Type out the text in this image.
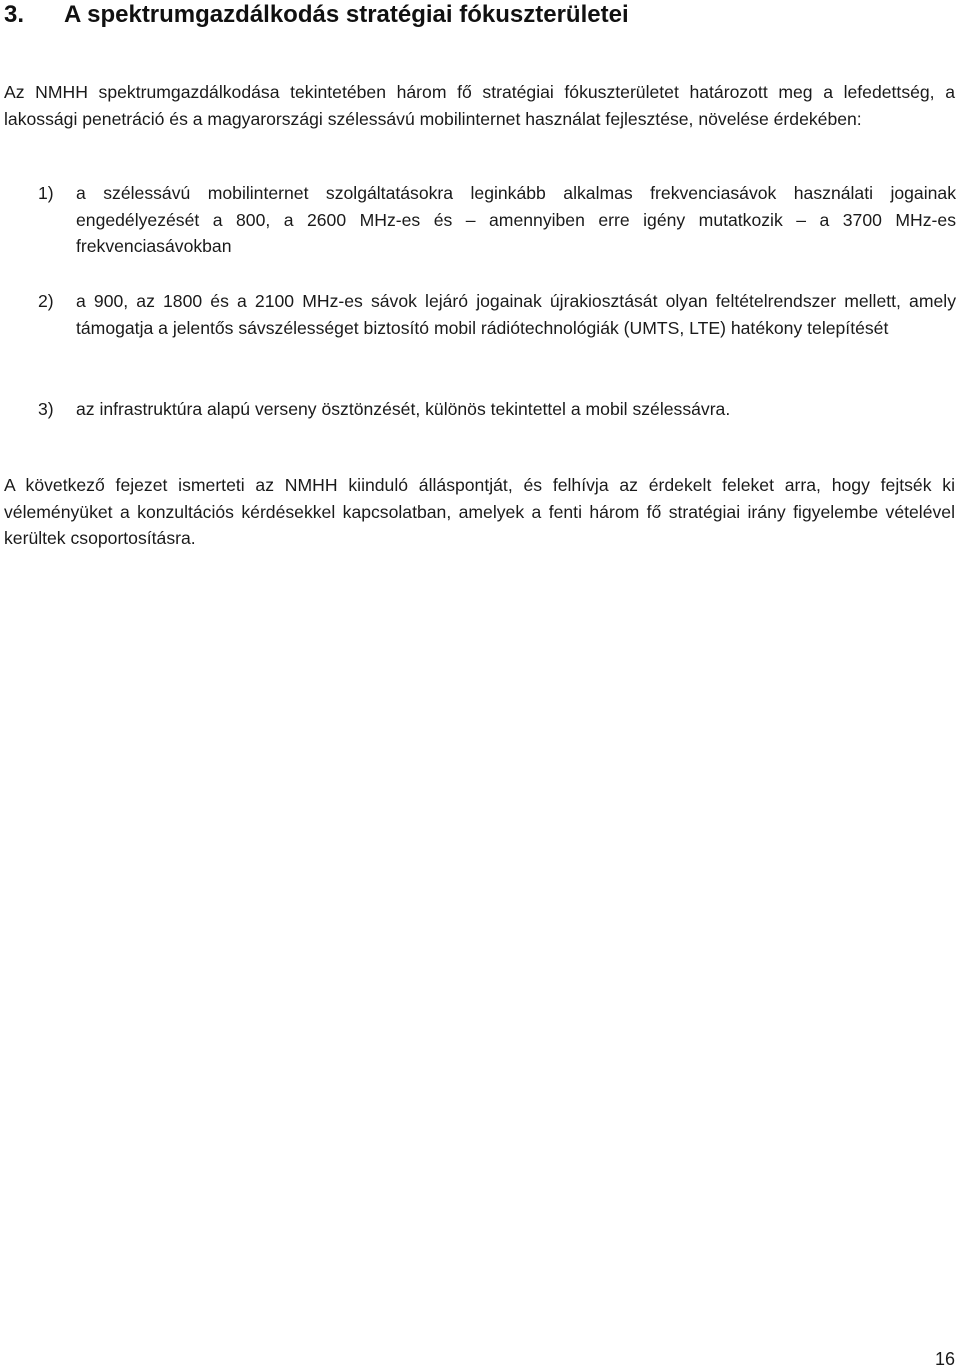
3. A spektrumgazdálkodás stratégiai fókuszterületei

Az NMHH spektrumgazdálkodása tekintetében három fő stratégiai fókuszterületet határozott meg a lefedettség, a lakossági penetráció és a magyarországi szélessávú mobilinternet használat fejlesztése, növelése érdekében:

1)	a szélessávú mobilinternet szolgáltatásokra leginkább alkalmas frekvenciasávok használati jogainak engedélyezését a 800, a 2600 MHz-es és – amennyiben erre igény mutatkozik – a 3700 MHz-es frekvenciasávokban
2)	a 900, az 1800 és a 2100 MHz-es sávok lejáró jogainak újrakiosztását olyan feltételrendszer mellett, amely támogatja a jelentős sávszélességet biztosító mobil rádiótechnológiák (UMTS, LTE) hatékony telepítését
3)	az infrastruktúra alapú verseny ösztönzését, különös tekintettel a mobil szélessávra.

A következő fejezet ismerteti az NMHH kiinduló álláspontját, és felhívja az érdekelt feleket arra, hogy fejtsék ki véleményüket a konzultációs kérdésekkel kapcsolatban, amelyek a fenti három fő stratégiai irány figyelembe vételével kerültek csoportosításra.

16
